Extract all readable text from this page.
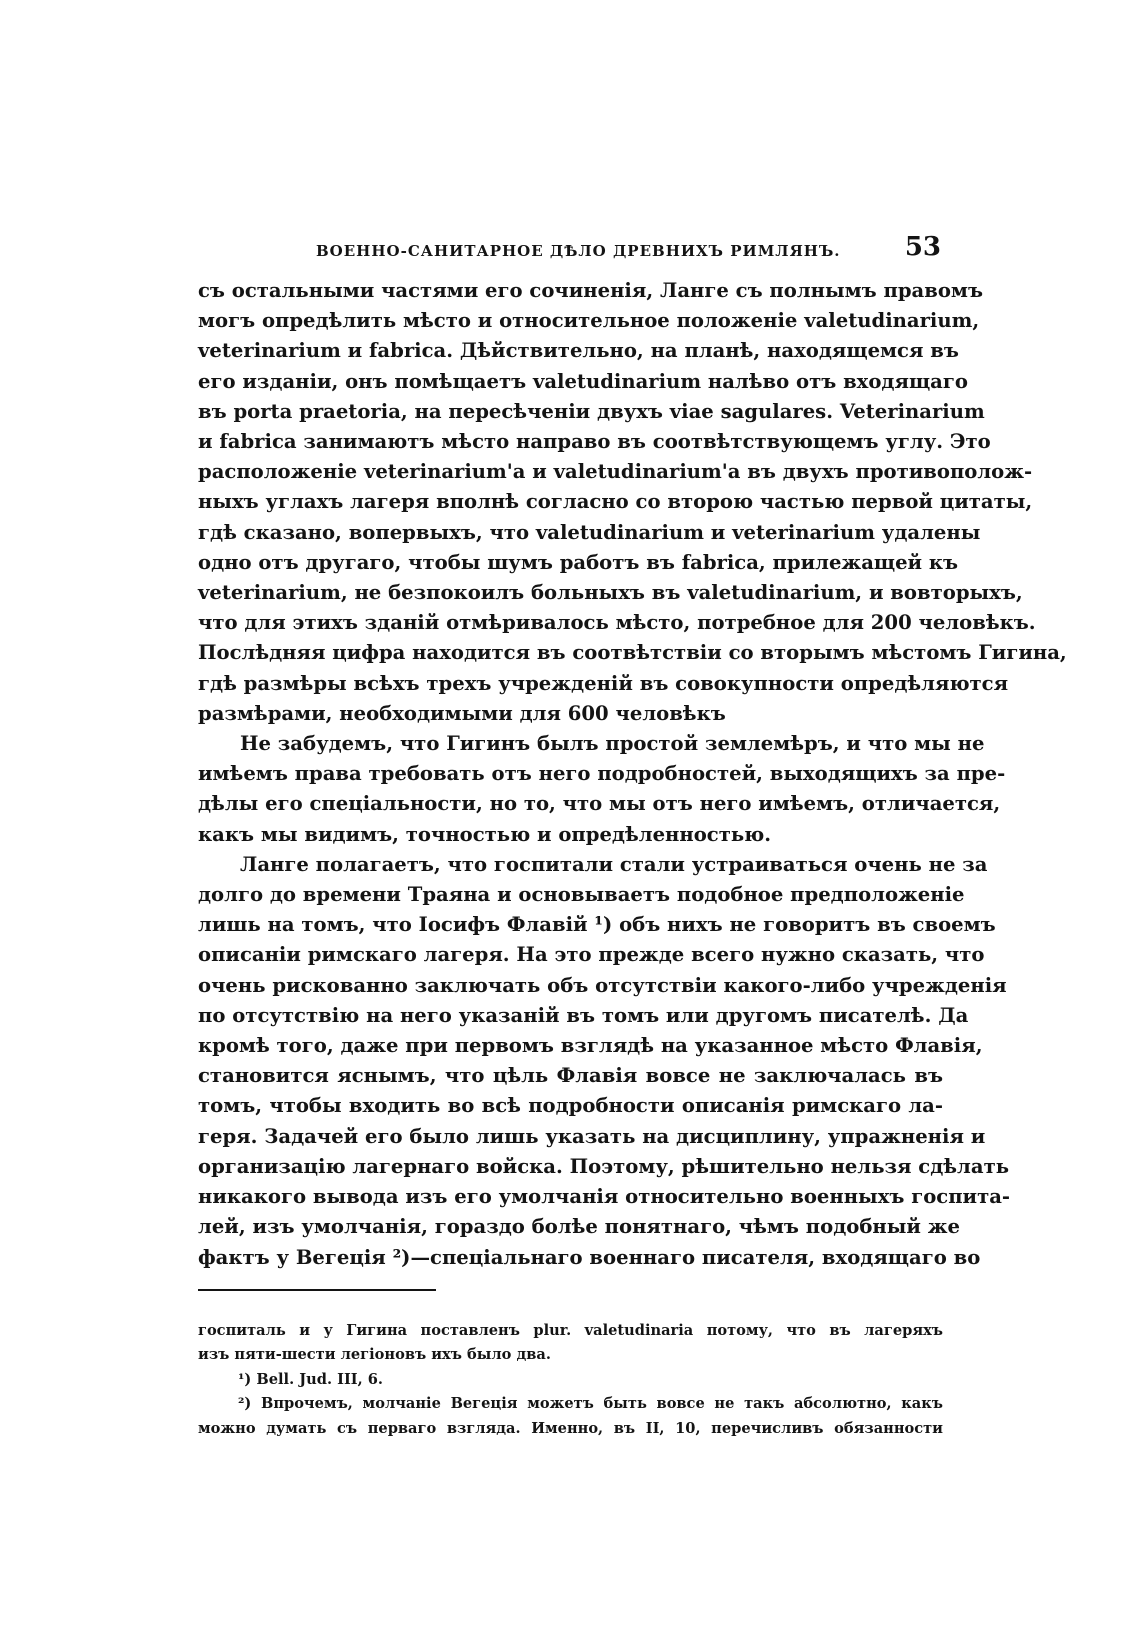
ВОЕННО-САНИТАРНОЕ ДѢЛО ДРЕВНИХЪ РИМЛЯНЪ. 53
съ остальными частями его сочиненія, Ланге съ полнымъ правомъ
могъ опредѣлить мѣсто и относительное положеніе valetudinarium,
veterinarium и fabrica. Дѣйствительно, на планѣ, находящемся въ
его изданіи, онъ помѣщаетъ valetudinarium налѣво отъ входящаго
въ porta praetoria, на пересѣченіи двухъ viae sagulares. Veterinarium
и fabrica занимаютъ мѣсто направо въ соотвѣтствующемъ углу. Это
расположеніе veterinarium'a и valetudinarium'a въ двухъ противополож-
ныхъ углахъ лагеря вполнѣ согласно со второю частью первой цитаты,
гдѣ сказано, вопервыхъ, что valetudinarium и veterinarium удалены
одно отъ другаго, чтобы шумъ работъ въ fabrica, прилежащей къ
veterinarium, не безпокоилъ больныхъ въ valetudinarium, и вовторыхъ,
что для этихъ зданій отмѣривалось мѣсто, потребное для 200 человѣкъ.
Послѣдняя цифра находится въ соотвѣтствіи со вторымъ мѣстомъ Гигина,
гдѣ размѣры всѣхъ трехъ учрежденій въ совокупности опредѣляются
размѣрами, необходимыми для 600 человѣкъ
Не забудемъ, что Гигинъ былъ простой землемѣръ, и что мы не
имѣемъ права требовать отъ него подробностей, выходящихъ за пре-
дѣлы его спеціальности, но то, что мы отъ него имѣемъ, отличается,
какъ мы видимъ, точностью и опредѣленностью.
Ланге полагаетъ, что госпитали стали устраиваться очень не за
долго до времени Траяна и основываетъ подобное предположеніе
лишь на томъ, что Іосифъ Флавій ¹) объ нихъ не говоритъ въ своемъ
описаніи римскаго лагеря. На это прежде всего нужно сказать, что
очень рискованно заключать объ отсутствіи какого-либо учрежденія
по отсутствію на него указаній въ томъ или другомъ писателѣ. Да
кромѣ того, даже при первомъ взглядѣ на указанное мѣсто Флавія,
становится яснымъ, что цѣль Флавія вовсе не заключалась въ
томъ, чтобы входить во всѣ подробности описанія римскаго ла-
геря. Задачей его было лишь указать на дисциплину, упражненія и
организацію лагернаго войска. Поэтому, рѣшительно нельзя сдѣлать
никакого вывода изъ его умолчанія относительно военныхъ госпита-
лей, изъ умолчанія, гораздо болѣе понятнаго, чѣмъ подобный же
фактъ у Вегеція ²)—спеціальнаго военнаго писателя, входящаго во
госпиталь и у Гигина поставленъ plur. valetudinaria потому, что въ лагеряхъ
изъ пяти-шести легіоновъ ихъ было два.
¹) Bell. Jud. III, 6.
²) Впрочемъ, молчаніе Вегеція можетъ быть вовсе не такъ абсолютно, какъ
можно думать съ перваго взгляда. Именно, въ II, 10, перечисливъ обязанности
